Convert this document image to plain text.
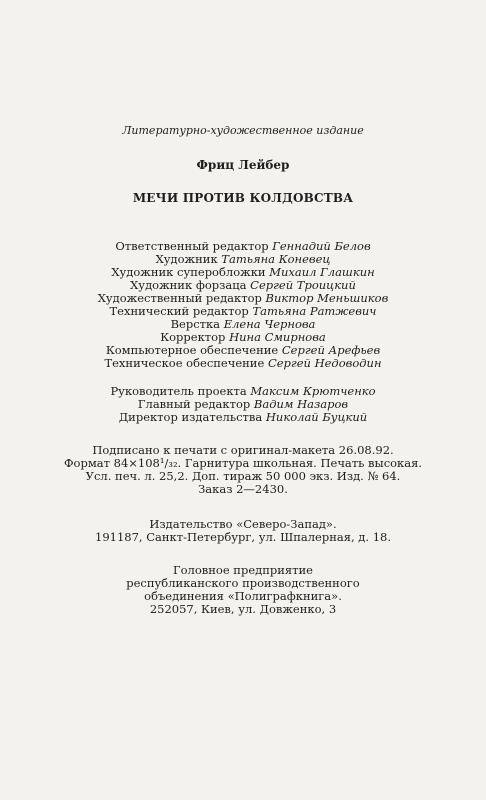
Литературно-художественное издание
Фриц Лейбер
МЕЧИ ПРОТИВ КОЛДОВСТВА
Ответственный редактор Геннадий Белов
Художник Татьяна Коневец
Художник суперобложки Михаил Глашкин
Художник форзаца Сергей Троицкий
Художественный редактор Виктор Меньшиков
Технический редактор Татьяна Ратжевич
Верстка Елена Чернова
Корректор Нина Смирнова
Компьютерное обеспечение Сергей Арефьев
Техническое обеспечение Сергей Недоводин
Руководитель проекта Максим Крютченко
Главный редактор Вадим Назаров
Директор издательства Николай Буцкий
Подписано к печати с оригинал-макета 26.08.92.
Формат 84×108¹/₃₂. Гарнитура школьная. Печать высокая.
Усл. печ. л. 25,2. Доп. тираж 50 000 экз. Изд. № 64.
Заказ 2—2430.
Издательство «Северо-Запад».
191187, Санкт-Петербург, ул. Шпалерная, д. 18.
Головное предприятие
республиканского производственного
объединения «Полиграфкнига».
252057, Киев, ул. Довженко, 3
